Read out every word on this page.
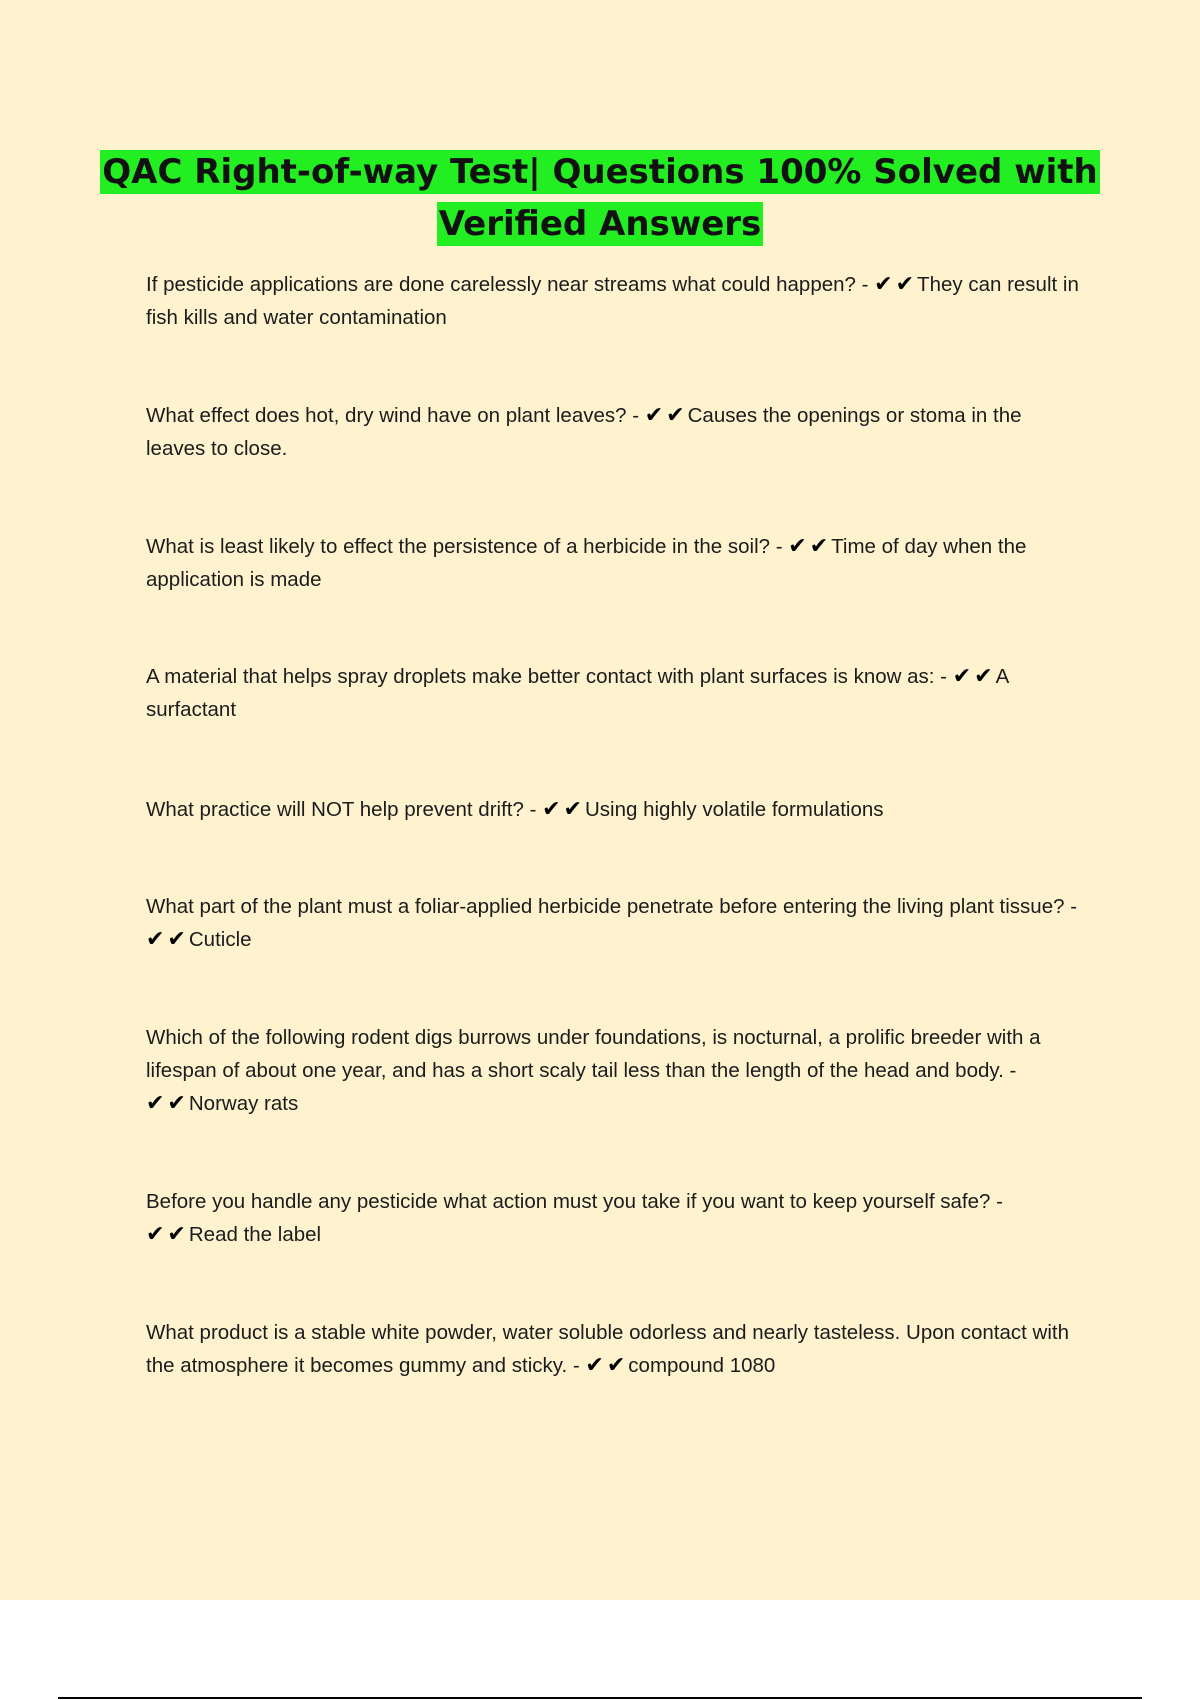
QAC Right-of-way Test| Questions 100% Solved with
Verified Answers
If pesticide applications are done carelessly near streams what could happen? - ✔✔They can result in fish kills and water contamination
What effect does hot, dry wind have on plant leaves? - ✔✔Causes the openings or stoma in the leaves to close.
What is least likely to effect the persistence of a herbicide in the soil? - ✔✔Time of day when the application is made
A material that helps spray droplets make better contact with plant surfaces is know as: - ✔✔A surfactant
What practice will NOT help prevent drift? - ✔✔Using highly volatile formulations
What part of the plant must a foliar-applied herbicide penetrate before entering the living plant tissue? - ✔✔Cuticle
Which of the following rodent digs burrows under foundations, is nocturnal, a prolific breeder with a lifespan of about one year, and has a short scaly tail less than the length of the head and body. - ✔✔Norway rats
Before you handle any pesticide what action must you take if you want to keep yourself safe? - ✔✔Read the label
What product is a stable white powder, water soluble odorless and nearly tasteless. Upon contact with the atmosphere it becomes gummy and sticky. - ✔✔compound 1080
